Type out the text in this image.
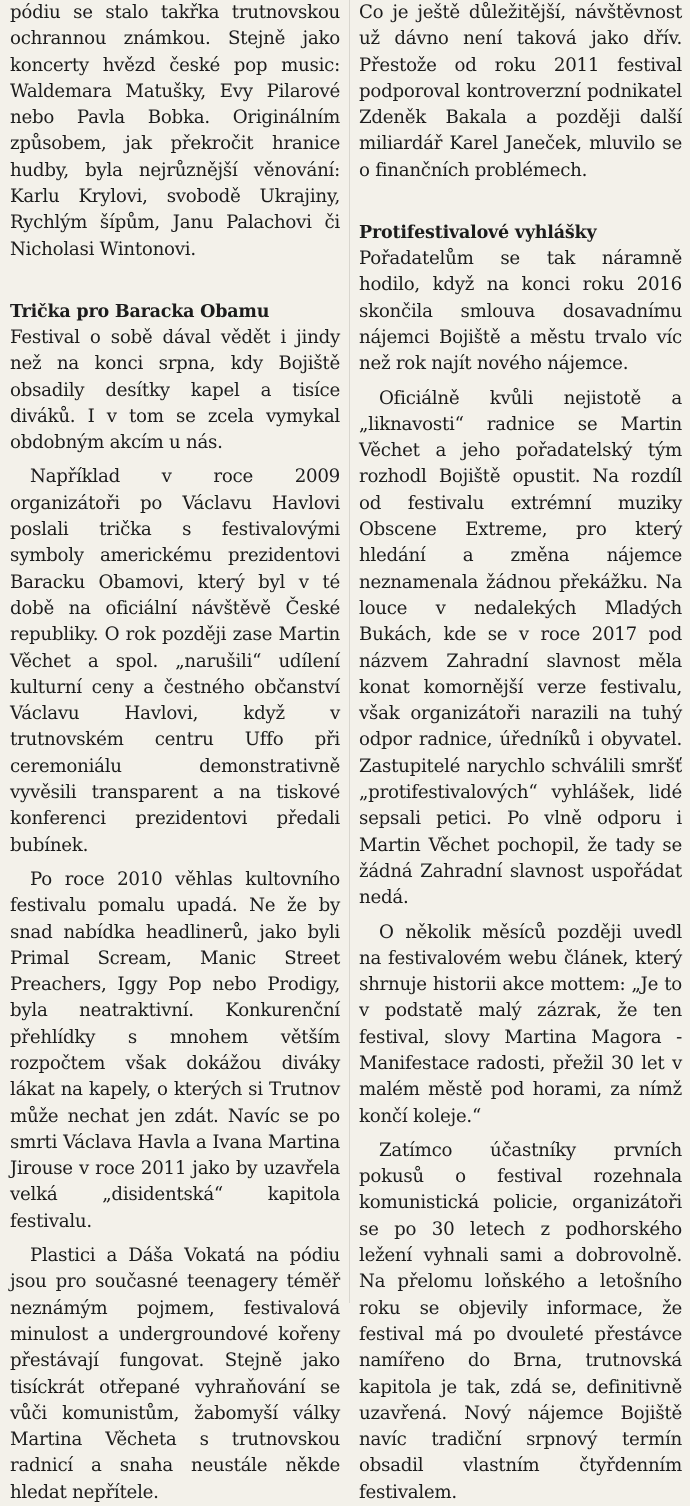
pódiu se stalo takřka trutnovskou ochrannou známkou. Stejně jako koncerty hvězd české pop music: Waldemara Matušky, Evy Pilarové nebo Pavla Bobka. Originálním způsobem, jak překročit hranice hudby, byla nejrůznější věnování: Karlu Krylovi, svobodě Ukrajiny, Rychlým šípům, Janu Palachovi či Nicholasi Wintonovi.

Trička pro Baracka Obamu

Festival o sobě dával vědět i jindy než na konci srpna, kdy Bojiště obsadily desítky kapel a tisíce diváků. I v tom se zcela vymykal obdobným akcím u nás.

Například v roce 2009 organizátoři po Václavu Havlovi poslali trička s festivalovými symboly americkému prezidentovi Baracku Obamovi, který byl v té době na oficiální návštěvě České republiky. O rok později zase Martin Věchet a spol. „narušili“ udílení kulturní ceny a čestného občanství Václavu Havlovi, když v trutnovském centru Uffo při ceremoniálu demonstrativně vyvěsili transparent a na tiskové konferenci prezidentovi předali bubínek.

Po roce 2010 věhlas kultovního festivalu pomalu upadá. Ne že by snad nabídka headlinerů, jako byli Primal Scream, Manic Street Preachers, Iggy Pop nebo Prodigy, byla neatraktivní. Konkurenční přehlídky s mnohem větším rozpočtem však dokážou diváky lákat na kapely, o kterých si Trutnov může nechat jen zdát. Navíc se po smrti Václava Havla a Ivana Martina Jirouse v roce 2011 jako by uzavřela velká „disidentská“ kapitola festivalu.

Plastici a Dáša Vokatá na pódiu jsou pro současné teenagery téměř neznámým pojmem, festivalová minulost a undergroundové kořeny přestávají fungovat. Stejně jako tisíckrát otřepané vyhraňování se vůči komunistům, žabomyší války Martina Věcheta s trutnovskou radnicí a snaha neustále někde hledat nepřítele.

Co je ještě důležitější, návštěvnost už dávno není taková jako dřív. Přestože od roku 2011 festival podporoval kontroverzní podnikatel Zdeněk Bakala a později další miliardář Karel Janeček, mluvilo se o finančních problémech.

Protifestivalové vyhlášky

Pořadatelům se tak náramně hodilo, když na konci roku 2016 skončila smlouva dosavadnímu nájemci Bojiště a městu trvalo víc než rok najít nového nájemce.

Oficiálně kvůli nejistotě a „liknavosti“ radnice se Martin Věchet a jeho pořadatelský tým rozhodl Bojiště opustit. Na rozdíl od festivalu extrémní muziky Obscene Extreme, pro který hledání a změna nájemce neznamenala žádnou překážku. Na louce v nedalekých Mladých Bukách, kde se v roce 2017 pod názvem Zahradní slavnost měla konat komornější verze festivalu, však organizátoři narazili na tuhý odpor radnice, úředníků i obyvatel. Zastupitelé narychlo schválili smršť „protifestivalových“ vyhlášek, lidé sepsali petici. Po vlně odporu i Martin Věchet pochopil, že tady se žádná Zahradní slavnost uspořádat nedá.

O několik měsíců později uvedl na festivalovém webu článek, který shrnuje historii akce mottem: „Je to v podstatě malý zázrak, že ten festival, slovy Martina Magora - Manifestace radosti, přežil 30 let v malém městě pod horami, za nímž končí koleje.“

Zatímco účastníky prvních pokusů o festival rozehnala komunistická policie, organizátoři se po 30 letech z podhorského ležení vyhnali sami a dobrovolně. Na přelomu loňského a letošního roku se objevily informace, že festival má po dvouleté přestávce namířeno do Brna, trutnovská kapitola je tak, zdá se, definitivně uzavřená. Nový nájemce Bojiště navíc tradiční srpnový termín obsadil vlastním čtyřdenním festivalem.
